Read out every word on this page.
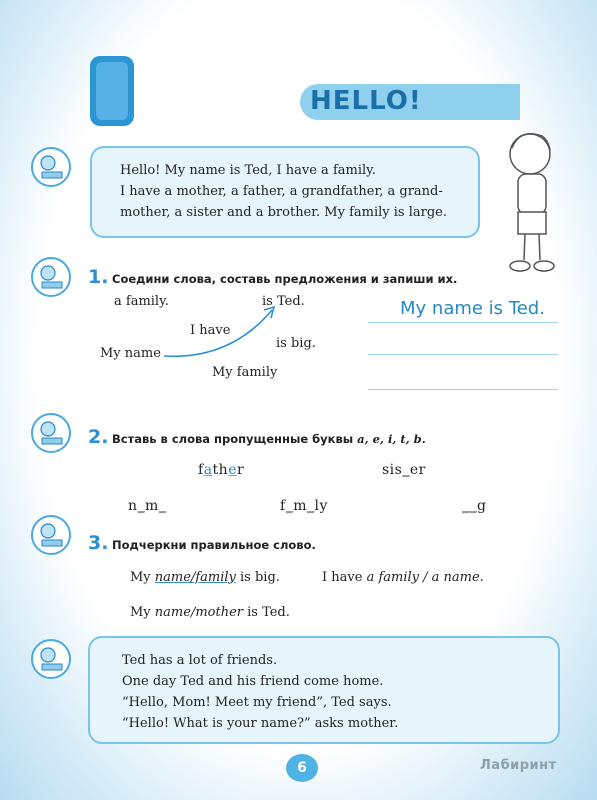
HELLO!

Hello! My name is Ted, I have a family.

I have a mother, a father, a grandfather, a grand-

mother, a sister and a brother. My family is large.

1. Соедини слова, составь предложения и запиши их.
a family.	is Ted.
I have
is big.
My name
My family
My name is Ted.
2. Вставь в слова пропущенные буквы a, e, i, t, b.
father	sis_er
n_m_	f_m_ly	__g
3. Подчеркни правильное слово.
My name/family is big.	I have a family / a name.
My name/mother is Ted.

Ted has a lot of friends.

One day Ted and his friend come home.

“Hello, Mom! Meet my friend”, Ted says.

“Hello! What is your name?” asks mother.

6	Лабиринт
